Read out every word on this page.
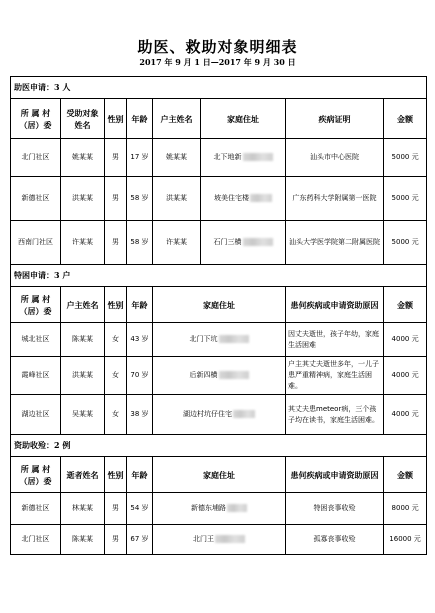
助医、救助对象明细表
2017 年 9 月 1 日—2017 年 9 月 30 日
助医申请：3 人							
所 属 村（居）委	受助对象姓名	性别	年龄	户主姓名	家庭住址	疾病证明	金额
北门社区	姚某某	男	17 岁	姚某某	北下地新	汕头市中心医院	5000 元
新德社区	洪某某	男	58 岁	洪某某	坡美住宅楼	广东药科大学附属第一医院	5000 元
西南门社区	许某某	男	58 岁	许某某	石门三横	汕头大学医学院第二附属医院	5000 元
特困申请：3 户							
所 属 村（居）委	户主姓名	性别	年龄	家庭住址		患何疾病或申请资助原因	金额
城北社区	陈某某	女	43 岁	北门下坑		因丈夫逝世，孩子年幼，家庭生活困难	4000 元
霞峰社区	洪某某	女	70 岁	后新四横		户主其丈夫逝世多年，一儿子患严重精神病，家庭生活困难。	4000 元
湖边社区	吴某某	女	38 岁	湖边村坑仔住宅		其丈夫患meteor病，三个孩子均在读书，家庭生活困难。	4000 元
资助收殓：2 例							
所 属 村（居）委	逝者姓名	性别	年龄	家庭住址		患何疾病或申请资助原因	金额
新德社区	林某某	男	54 岁	新德东埔路		特困丧事收殓	8000 元
北门社区	陈某某	男	67 岁	北门王		孤寡丧事收殓	16000 元
